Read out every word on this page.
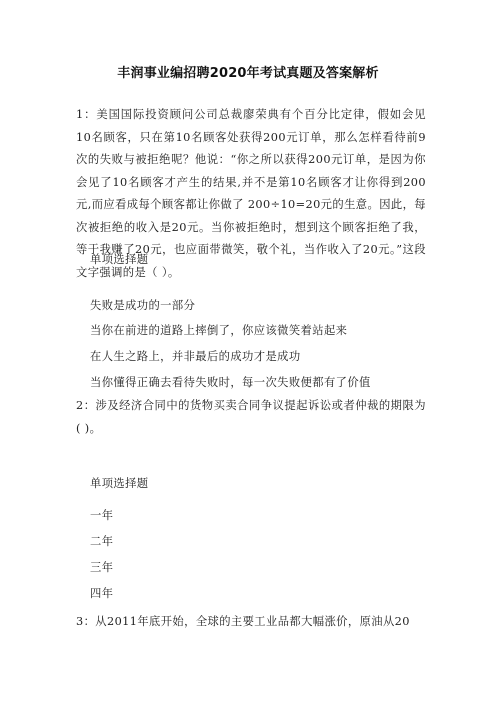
丰润事业编招聘2020年考试真题及答案解析
1：美国国际投资顾问公司总裁廖荣典有个百分比定律，假如会见10名顾客，只在第10名顾客处获得200元订单，那么怎样看待前9次的失败与被拒绝呢？他说：“你之所以获得200元订单，是因为你会见了10名顾客才产生的结果,并不是第10名顾客才让你得到200元,而应看成每个顾客都让你做了 200÷10=20元的生意。因此，每次被拒绝的收入是20元。当你被拒绝时，想到这个顾客拒绝了我，等于我赚了20元，也应面带微笑，敬个礼，当作收入了20元。”这段文字强调的是（ ）。
单项选择题
失败是成功的一部分
当你在前进的道路上摔倒了，你应该微笑着站起来
在人生之路上，并非最后的成功才是成功
当你懂得正确去看待失败时，每一次失败便都有了价值
2：涉及经济合同中的货物买卖合同争议提起诉讼或者仲裁的期限为( )。
单项选择题
一年
二年
三年
四年
3：从2011年底开始，全球的主要工业品都大幅涨价，原油从20
